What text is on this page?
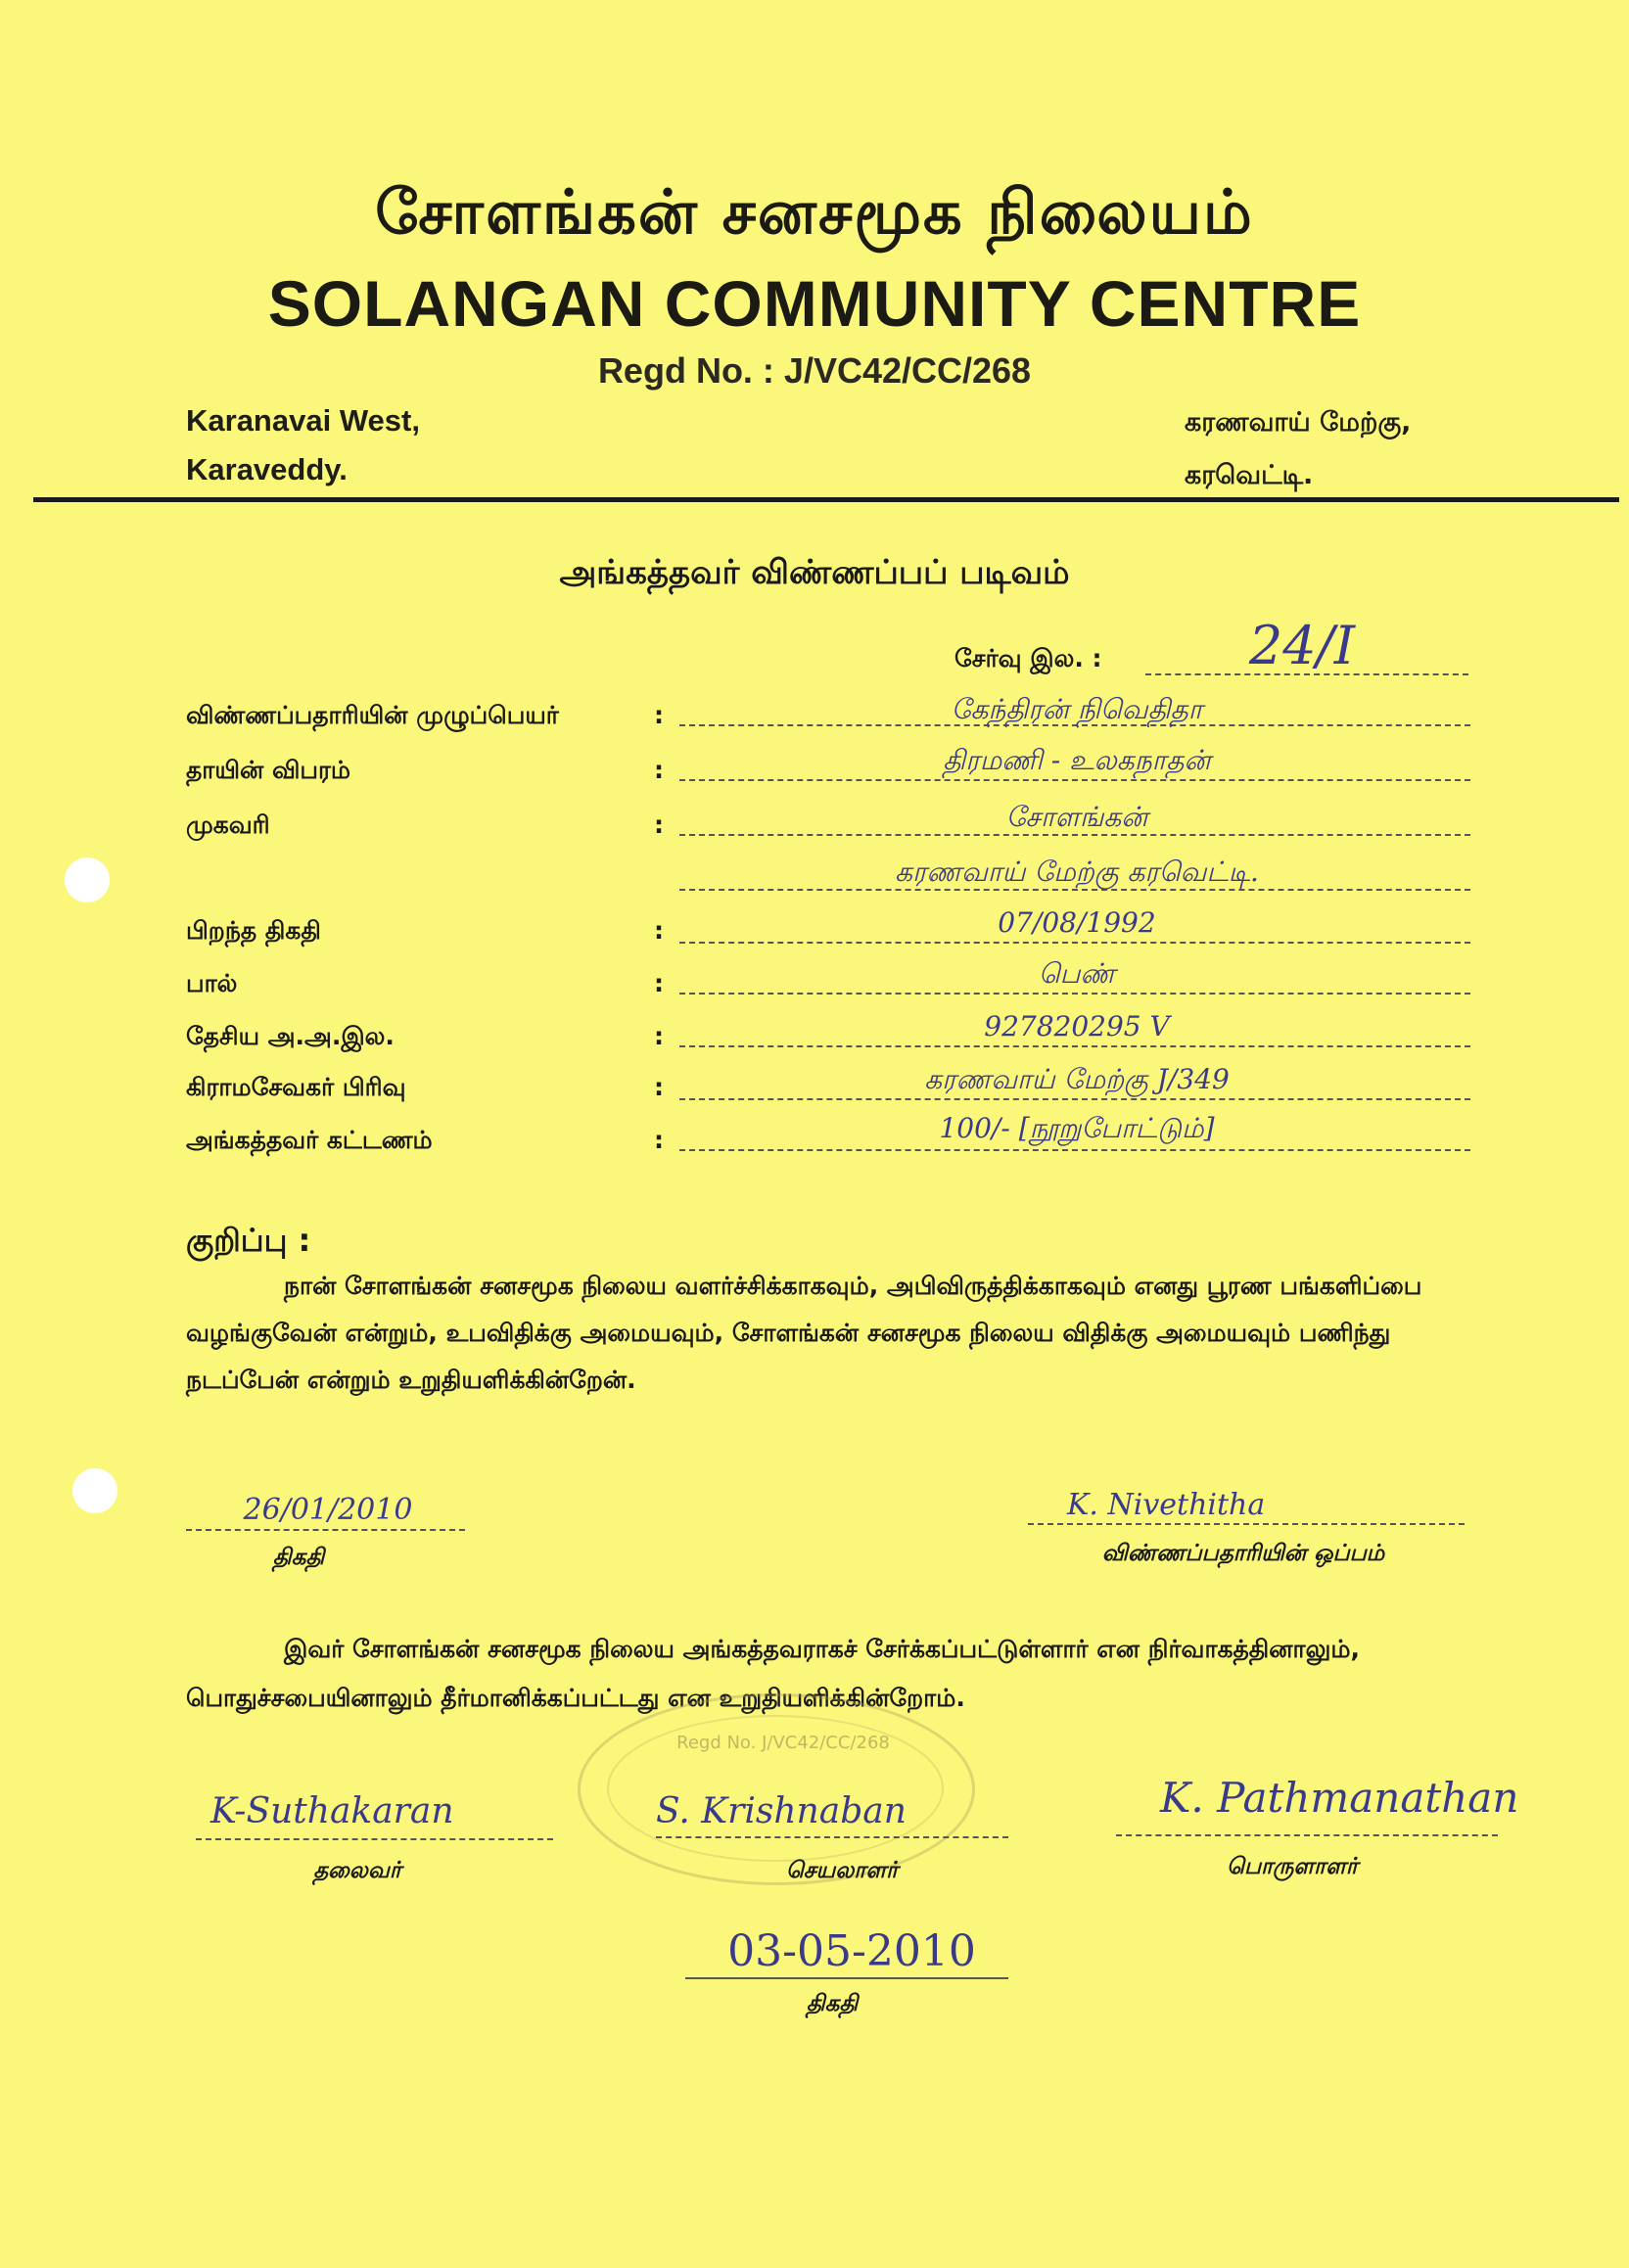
சோளங்கன் சனசமூக நிலையம்
SOLANGAN COMMUNITY CENTRE
Regd No. : J/VC42/CC/268
Karanavai West,
Karaveddy.
கரணவாய் மேற்கு,
கரவெட்டி.
அங்கத்தவர் விண்ணப்பப் படிவம்
சேர்வு இல. :	24/I
விண்ணப்பதாரியின் முழுப்பெயர்	:	கேந்திரன் நிவெதிதா
தாயின் விபரம்	:	திரமணி - உலகநாதன்
முகவரி	:	சோளங்கன்
கரணவாய் மேற்கு கரவெட்டி.
பிறந்த திகதி	:	07/08/1992
பால்	:	பெண்
தேசிய அ.அ.இல.	:	927820295 V
கிராமசேவகர் பிரிவு	:	கரணவாய் மேற்கு J/349
அங்கத்தவர் கட்டணம்	:	100/- [நூறுபோட்டும்]
குறிப்பு :
நான் சோளங்கன் சனசமூக நிலைய வளர்ச்சிக்காகவும், அபிவிருத்திக்காகவும் எனது பூரண பங்களிப்பை வழங்குவேன் என்றும், உபவிதிக்கு அமையவும், சோளங்கன் சனசமூக நிலைய விதிக்கு அமையவும் பணிந்து நடப்பேன் என்றும் உறுதியளிக்கின்றேன்.
26/01/2010
திகதி
K. Nivethitha
விண்ணப்பதாரியின் ஒப்பம்
இவர் சோளங்கன் சனசமூக நிலைய அங்கத்தவராகச் சேர்க்கப்பட்டுள்ளார் என நிர்வாகத்தினாலும், பொதுச்சபையினாலும் தீர்மானிக்கப்பட்டது என உறுதியளிக்கின்றோம்.
Regd No. J/VC42/CC/268
K-Suthakaran
தலைவர்
S. Krishnaban
செயலாளர்
K. Pathmanathan
பொருளாளர்
03-05-2010
திகதி
